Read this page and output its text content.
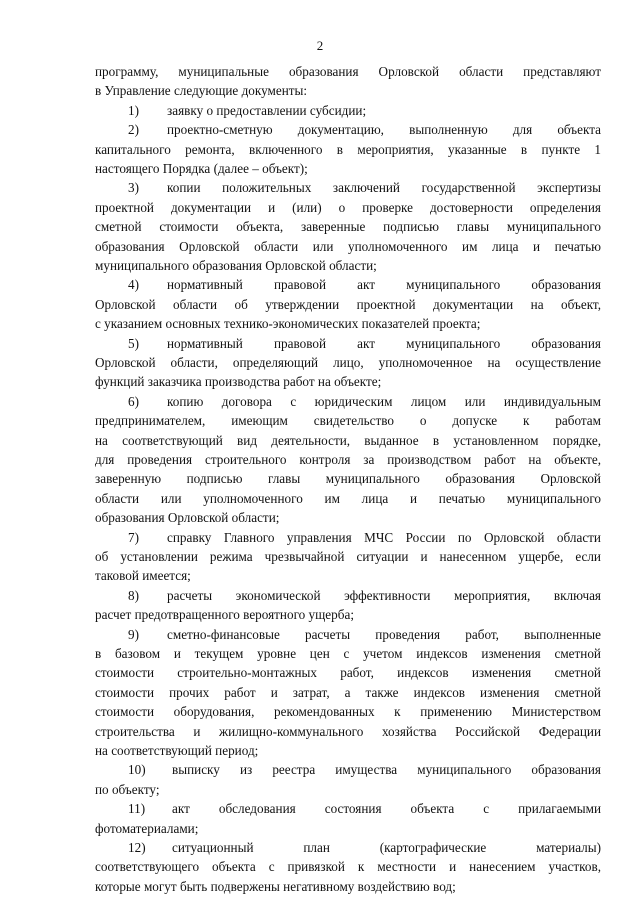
2
программу, муниципальные образования Орловской области представляют
в Управление следующие документы:
1) заявку о предоставлении субсидии;
2) проектно-сметную документацию, выполненную для объекта
капитального ремонта, включенного в мероприятия, указанные в пункте 1
настоящего Порядка (далее – объект);
3) копии положительных заключений государственной экспертизы
проектной документации и (или) о проверке достоверности определения
сметной стоимости объекта, заверенные подписью главы муниципального
образования Орловской области или уполномоченного им лица и печатью
муниципального образования Орловской области;
4) нормативный правовой акт муниципального образования
Орловской области об утверждении проектной документации на объект,
с указанием основных технико-экономических показателей проекта;
5) нормативный правовой акт муниципального образования
Орловской области, определяющий лицо, уполномоченное на осуществление
функций заказчика производства работ на объекте;
6) копию договора с юридическим лицом или индивидуальным
предпринимателем, имеющим свидетельство о допуске к работам
на соответствующий вид деятельности, выданное в установленном порядке,
для проведения строительного контроля за производством работ на объекте,
заверенную подписью главы муниципального образования Орловской
области или уполномоченного им лица и печатью муниципального
образования Орловской области;
7) справку Главного управления МЧС России по Орловской области
об установлении режима чрезвычайной ситуации и нанесенном ущербе, если
таковой имеется;
8) расчеты экономической эффективности мероприятия, включая
расчет предотвращенного вероятного ущерба;
9) сметно-финансовые расчеты проведения работ, выполненные
в базовом и текущем уровне цен с учетом индексов изменения сметной
стоимости строительно-монтажных работ, индексов изменения сметной
стоимости прочих работ и затрат, а также индексов изменения сметной
стоимости оборудования, рекомендованных к применению Министерством
строительства и жилищно-коммунального хозяйства Российской Федерации
на соответствующий период;
10) выписку из реестра имущества муниципального образования
по объекту;
11) акт обследования состояния объекта с прилагаемыми
фотоматериалами;
12) ситуационный план (картографические материалы)
соответствующего объекта с привязкой к местности и нанесением участков,
которые могут быть подвержены негативному воздействию вод;
